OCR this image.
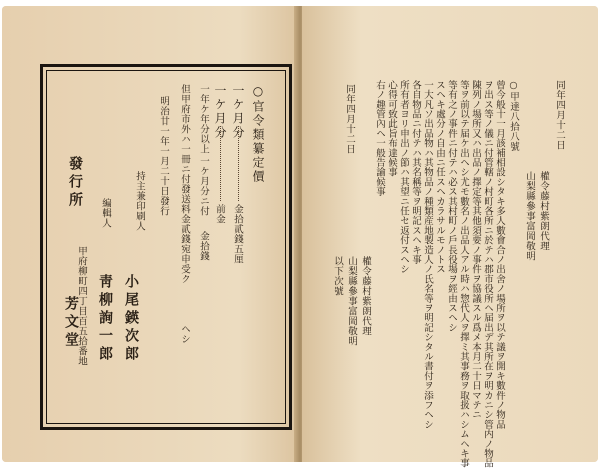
○官令類纂定價
一ケ月分
一ケ月分
一年ケ年分以上
金拾貳錢五厘
前金
一ケ月分ニ付
金拾錢
但甲府市外ハ一冊ニ付發送料金貳錢宛申受ク
ヘシ
明治廿一年一月二十日發行
持主兼印刷人
小尾鍈次郎
編輯人
靑柳詢一郎
發行所
甲府柳町四丁目百五拾番地
芳文堂
同年四月十二日
權令藤村紫朗代理
山梨縣參事富岡敬明
○甲達八拾八號
曾今般十一月該補相設シタキ多人數會合ノ出舍ノ場所ヲ以テ議ヲ開キ數件ノ物品
ヲ出ス等ノ儀ニ付管轄ノ村町各所ニ於テハ郡市役所ヘ届出デ其所在ヲ明カニシ管内ノ物品
陳列ノ場所又ハ出品ノ擇定等其他須要ノ事件ヲ協議スル爲メ本月二十日マテニ
等ヲ前以テ届ケ出ヘシ尤モ數名ノ出品人アル時ハ惣代人ヲ擇ミ其事務ヲ取扱ハシムヘキ事
等有之ノ事件ニ付テハ必ス其村町ノ戶長役場ヲ經由スヘシ
スヘキ處分ノ自由ニ任スヘカラサルモノトス
一大凡ソ出品物ハ其物品ノ種類産地製造人ノ氏名等ヲ明記シタル書付ヲ添フヘシ
各自物品ニ付テハ其名稱等ヲ明記スヘキ事
所有者ヨリ申出ノ節ハ其望ニ任セ返付スヘシ
心得可致此旨布達候事
右ノ趣管內ヘ一般告諭候事
同年四月十二日
權令藤村紫朗代理
山梨縣參事富岡敬明
以下次號
